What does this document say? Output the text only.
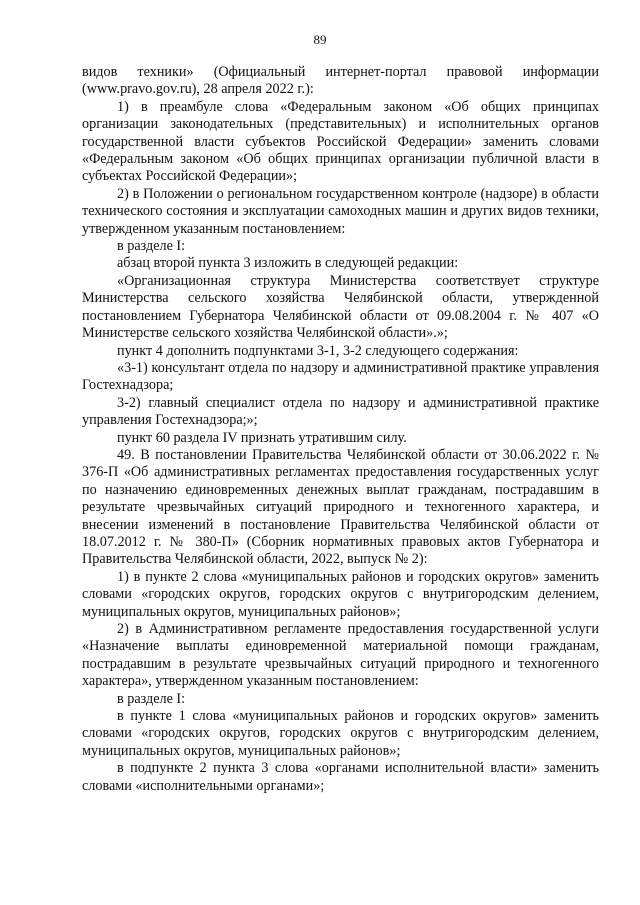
89

видов техники» (Официальный интернет-портал правовой информации (www.pravo.gov.ru), 28 апреля 2022 г.):

1) в преамбуле слова «Федеральным законом «Об общих принципах организации законодательных (представительных) и исполнительных органов государственной власти субъектов Российской Федерации» заменить словами «Федеральным законом «Об общих принципах организации публичной власти в субъектах Российской Федерации»;

2) в Положении о региональном государственном контроле (надзоре) в области технического состояния и эксплуатации самоходных машин и других видов техники, утвержденном указанным постановлением:

в разделе I:

абзац второй пункта 3 изложить в следующей редакции:

«Организационная структура Министерства соответствует структуре Министерства сельского хозяйства Челябинской области, утвержденной постановлением Губернатора Челябинской области от 09.08.2004 г. № 407 «О Министерстве сельского хозяйства Челябинской области».»;

пункт 4 дополнить подпунктами 3-1, 3-2 следующего содержания:

«3-1) консультант отдела по надзору и административной практике управления Гостехнадзора;

3-2) главный специалист отдела по надзору и административной практике управления Гостехнадзора;»;

пункт 60 раздела IV признать утратившим силу.

49. В постановлении Правительства Челябинской области от 30.06.2022 г. № 376-П «Об административных регламентах предоставления государственных услуг по назначению единовременных денежных выплат гражданам, пострадавшим в результате чрезвычайных ситуаций природного и техногенного характера, и внесении изменений в постановление Правительства Челябинской области от 18.07.2012 г. № 380-П» (Сборник нормативных правовых актов Губернатора и Правительства Челябинской области, 2022, выпуск № 2):

1) в пункте 2 слова «муниципальных районов и городских округов» заменить словами «городских округов, городских округов с внутригородским делением, муниципальных округов, муниципальных районов»;

2) в Административном регламенте предоставления государственной услуги «Назначение выплаты единовременной материальной помощи гражданам, пострадавшим в результате чрезвычайных ситуаций природного и техногенного характера», утвержденном указанным постановлением:

в разделе I:

в пункте 1 слова «муниципальных районов и городских округов» заменить словами «городских округов, городских округов с внутригородским делением, муниципальных округов, муниципальных районов»;

в подпункте 2 пункта 3 слова «органами исполнительной власти» заменить словами «исполнительными органами»;
